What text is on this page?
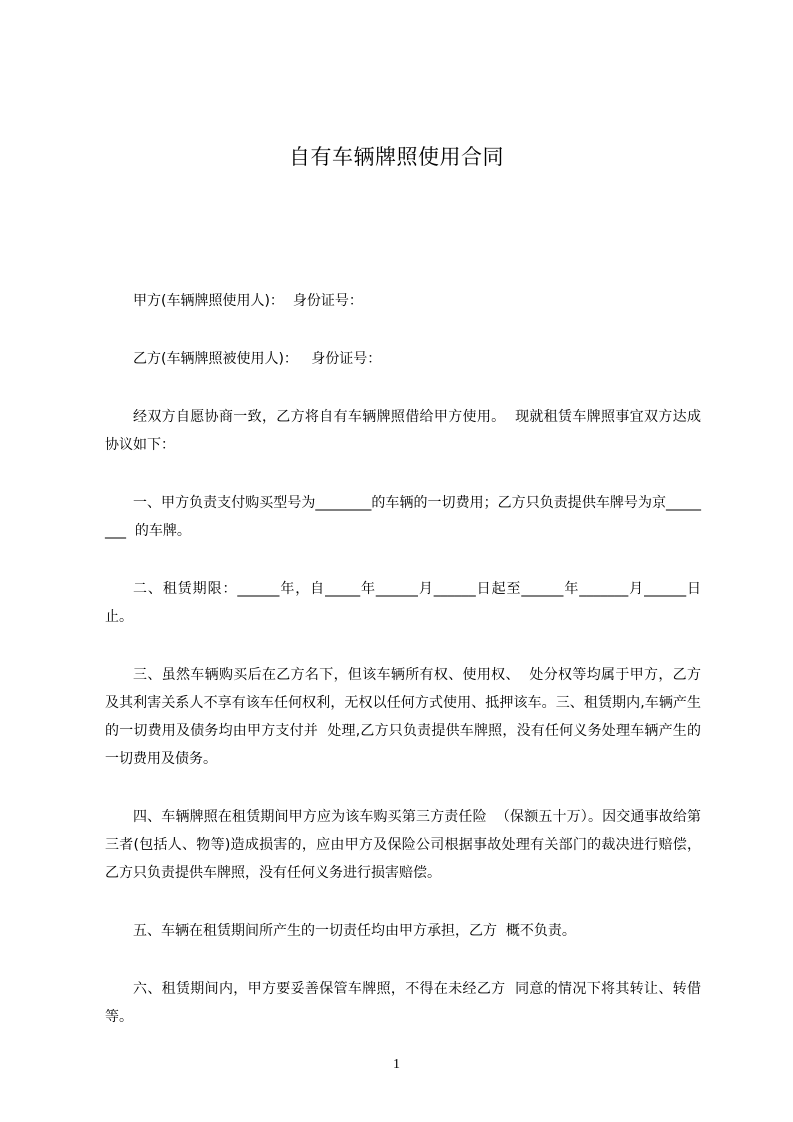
自有车辆牌照使用合同

甲方(车辆牌照使用人)：  身份证号：

乙方(车辆牌照被使用人)：   身份证号：

经双方自愿协商一致，乙方将自有车辆牌照借给甲方使用。  现就租赁车牌照事宜双方达成协议如下：

一、甲方负责支付购买型号为________的车辆的一切费用；乙方只负责提供车牌号为京________  的车牌。

二、租赁期限：______年，自_____年______月______日起至______年_______月______日止。

三、虽然车辆购买后在乙方名下，但该车辆所有权、使用权、  处分权等均属于甲方，乙方及其利害关系人不享有该车任何权利，无权以任何方式使用、抵押该车。三、租赁期内,车辆产生的一切费用及债务均由甲方支付并  处理,乙方只负责提供车牌照，没有任何义务处理车辆产生的一切费用及债务。

四、车辆牌照在租赁期间甲方应为该车购买第三方责任险  （保额五十万）。因交通事故给第三者(包括人、物等)造成损害的，应由甲方及保险公司根据事故处理有关部门的裁决进行赔偿，  乙方只负责提供车牌照，没有任何义务进行损害赔偿。

五、车辆在租赁期间所产生的一切责任均由甲方承担，乙方  概不负责。

六、租赁期间内，甲方要妥善保管车牌照，不得在未经乙方  同意的情况下将其转让、转借等。

1
